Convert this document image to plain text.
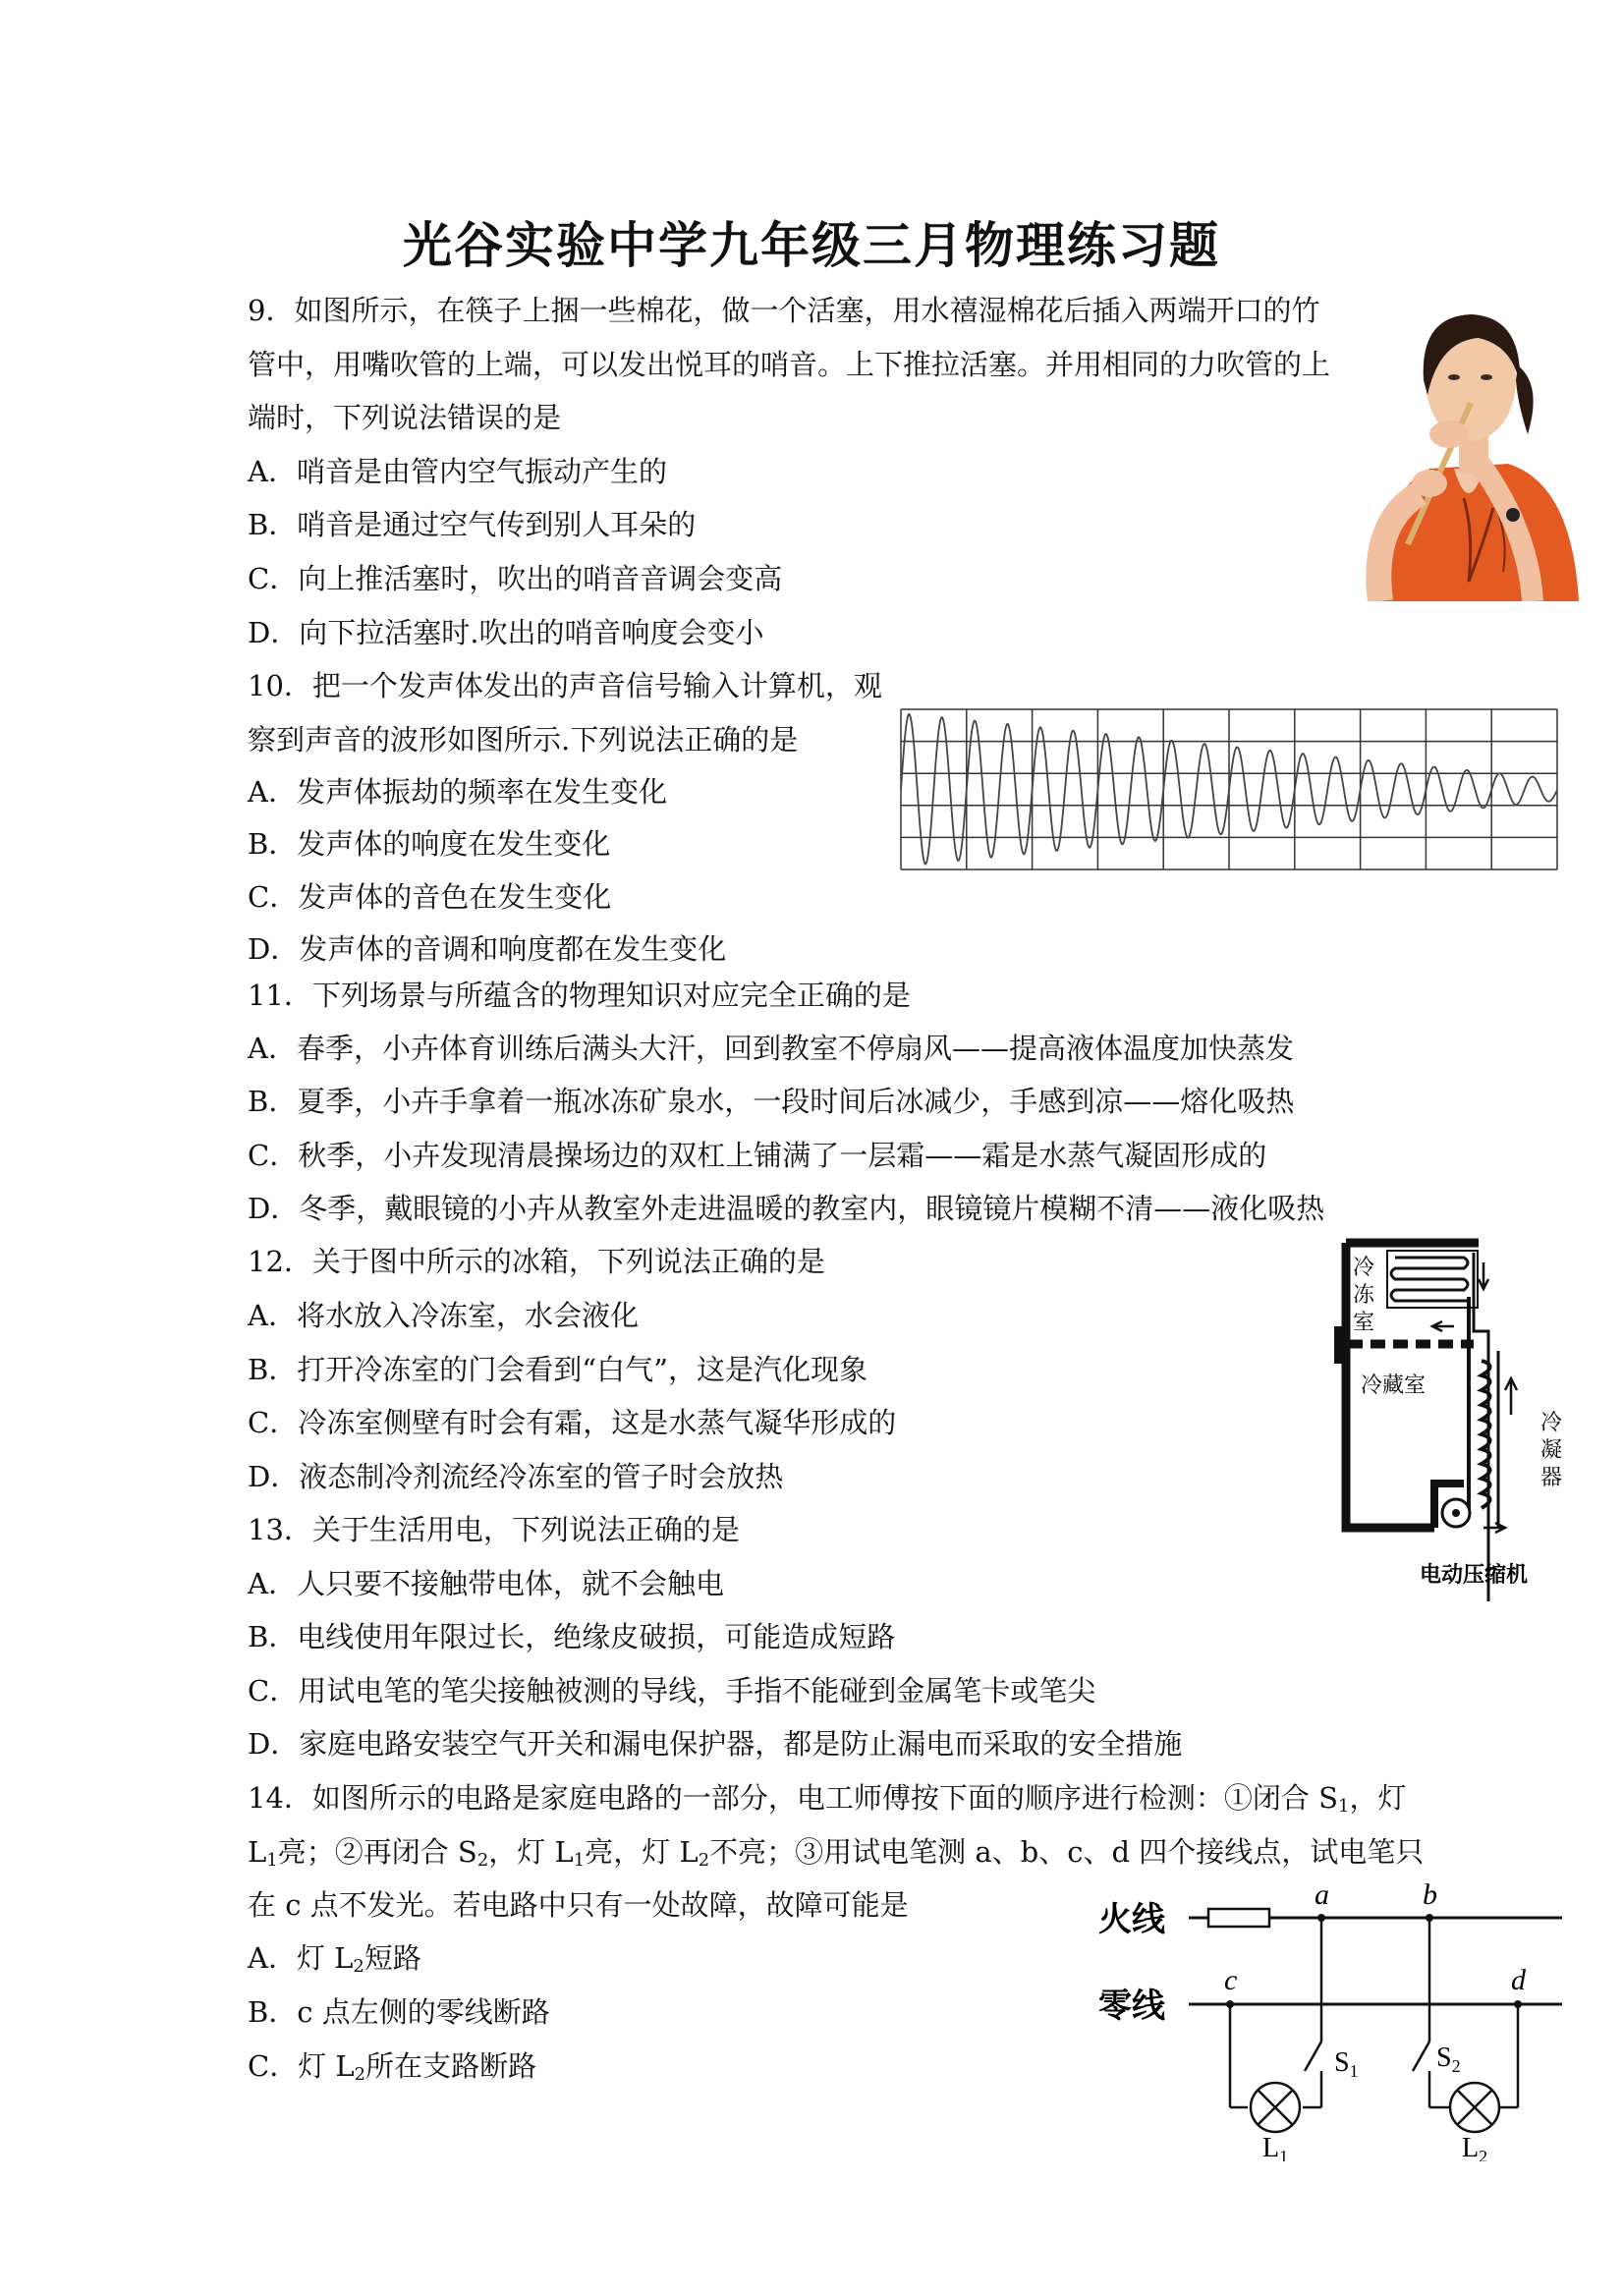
光谷实验中学九年级三月物理练习题
9．如图所示，在筷子上捆一些棉花，做一个活塞，用水禧湿棉花后插入两端开口的竹
管中，用嘴吹管的上端，可以发出悦耳的哨音。上下推拉活塞。并用相同的力吹管的上
端时，下列说法错误的是
A．哨音是由管内空气振动产生的
B．哨音是通过空气传到别人耳朵的
C．向上推活塞时，吹出的哨音音调会变高
D．向下拉活塞时.吹出的哨音响度会变小
10．把一个发声体发出的声音信号输入计算机，观
察到声音的波形如图所示.下列说法正确的是
A．发声体振劫的频率在发生变化
B．发声体的响度在发生变化
C．发声体的音色在发生变化
D．发声体的音调和响度都在发生变化
11．下列场景与所蕴含的物理知识对应完全正确的是
A．春季，小卉体育训练后满头大汗，回到教室不停扇风——提高液体温度加快蒸发
B．夏季，小卉手拿着一瓶冰冻矿泉水，一段时间后冰减少，手感到凉——熔化吸热
C．秋季，小卉发现清晨操场边的双杠上铺满了一层霜——霜是水蒸气凝固形成的
D．冬季，戴眼镜的小卉从教室外走进温暖的教室内，眼镜镜片模糊不清——液化吸热
12．关于图中所示的冰箱，下列说法正确的是
A．将水放入冷冻室，水会液化
B．打开冷冻室的门会看到“白气”，这是汽化现象
C．冷冻室侧壁有时会有霜，这是水蒸气凝华形成的
D．液态制冷剂流经冷冻室的管子时会放热
冷
冻
室
冷藏室
冷
凝
器
电动压缩机
13．关于生活用电，下列说法正确的是
A．人只要不接触带电体，就不会触电
B．电线使用年限过长，绝缘皮破损，可能造成短路
C．用试电笔的笔尖接触被测的导线，手指不能碰到金属笔卡或笔尖
D．家庭电路安装空气开关和漏电保护器，都是防止漏电而采取的安全措施
14．如图所示的电路是家庭电路的一部分，电工师傅按下面的顺序进行检测：①闭合 $S_1$，灯
$L_1$亮；②再闭合 $S_2$，灯 $L_1$亮，灯 $L_2$不亮；③用试电笔测 a、b、c、d 四个接线点，试电笔只
在 c 点不发光。若电路中只有一处故障，故障可能是
A．灯 $L_2$短路
B．c 点左侧的零线断路
C．灯 $L_2$所在支路断路
火线
零线
a	b
c	d
$S_1$	$S_2$
$L_1$	$L_2$
